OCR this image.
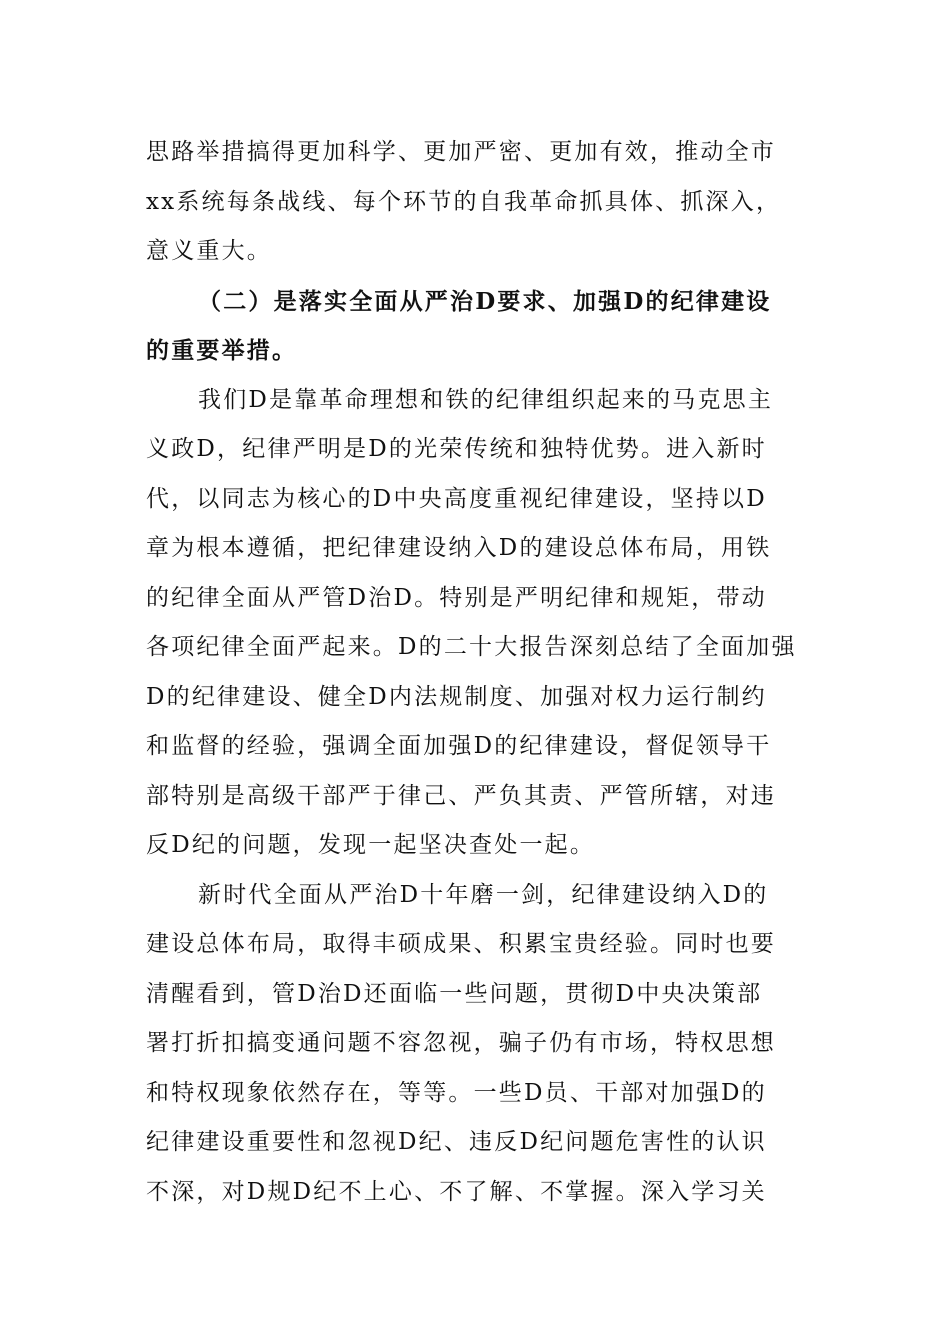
思路举措搞得更加科学、更加严密、更加有效，推动全市
xx系统每条战线、每个环节的自我革命抓具体、抓深入，
意义重大。
（二）是落实全面从严治D要求、加强D的纪律建设
的重要举措。
我们D是靠革命理想和铁的纪律组织起来的马克思主
义政D，纪律严明是D的光荣传统和独特优势。进入新时
代，以同志为核心的D中央高度重视纪律建设，坚持以D
章为根本遵循，把纪律建设纳入D的建设总体布局，用铁
的纪律全面从严管D治D。特别是严明纪律和规矩，带动
各项纪律全面严起来。D的二十大报告深刻总结了全面加强
D的纪律建设、健全D内法规制度、加强对权力运行制约
和监督的经验，强调全面加强D的纪律建设，督促领导干
部特别是高级干部严于律己、严负其责、严管所辖，对违
反D纪的问题，发现一起坚决查处一起。
新时代全面从严治D十年磨一剑，纪律建设纳入D的
建设总体布局，取得丰硕成果、积累宝贵经验。同时也要
清醒看到，管D治D还面临一些问题，贯彻D中央决策部
署打折扣搞变通问题不容忽视，骗子仍有市场，特权思想
和特权现象依然存在，等等。一些D员、干部对加强D的
纪律建设重要性和忽视D纪、违反D纪问题危害性的认识
不深，对D规D纪不上心、不了解、不掌握。深入学习关
